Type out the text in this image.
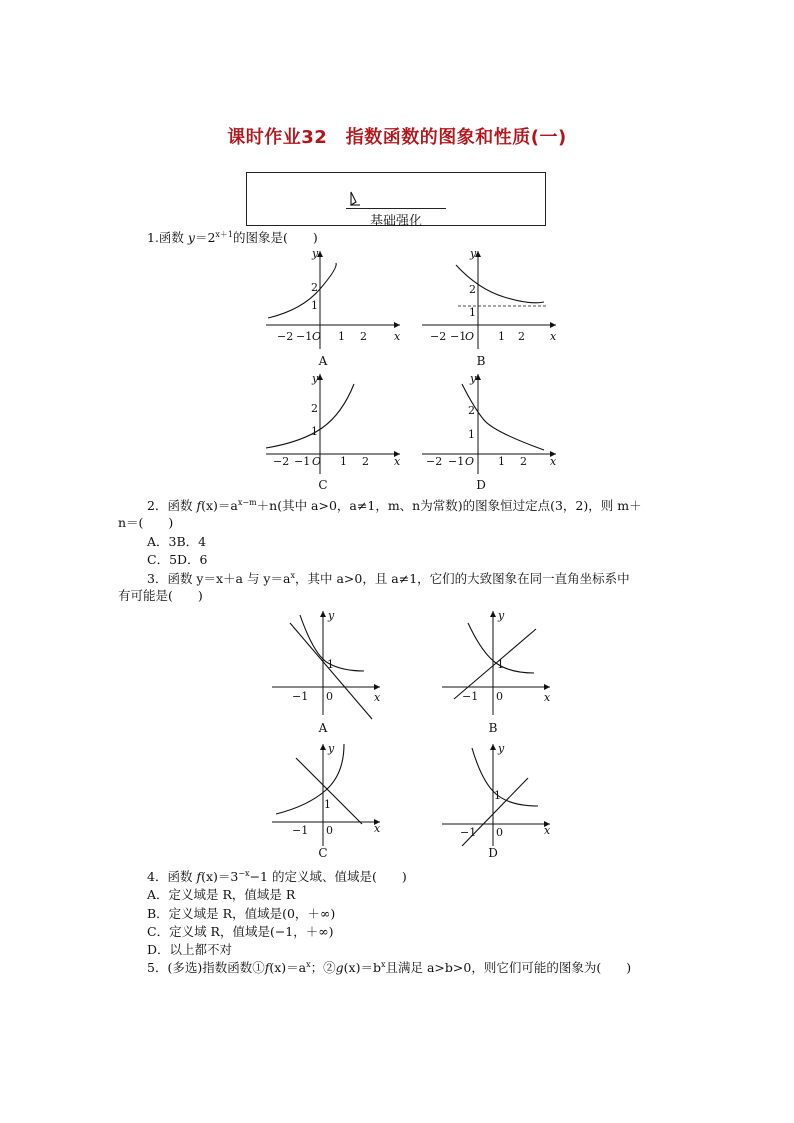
课时作业32　指数函数的图象和性质(一)
基础强化
1.函数 $y=2^{x+1}$的图象是(　　)
x
y
O
−2 −1 1 2
1
2
A
x
y
O
−2 −1	1 2
1
2
B
x
y
O
−2 −1	1 2
1
2
C
x
y
O
−2 −1	1 2
1
2
D
2．函数 $f(x)=a^{x-m}+n$(其中 a>0，a≠1，m、n为常数)的图象恒过定点(3，2)，则 m＋
n＝(　　)
A．3B．4
C．5D．6
3．函数 y＝x＋a 与 $y=a^x$，其中 a>0，且 a≠1，它们的大致图象在同一直角坐标系中
有可能是(　　)
x
y
0
−1
1
A
x
y
0
−1
1
B
x
y
0
−1
1
C
x
y
0
−1
1
D
4．函数 $f(x)=3^{-x}-1$ 的定义域、值域是(　　)
A．定义域是 R，值域是 R
B．定义域是 R，值域是(0，＋∞)
C．定义域 R，值域是(−1，＋∞)
D．以上都不对
5．(多选)指数函数$①f(x)=a^x$；$②g(x)=b^x$且满足 a>b>0，则它们可能的图象为(　　)
